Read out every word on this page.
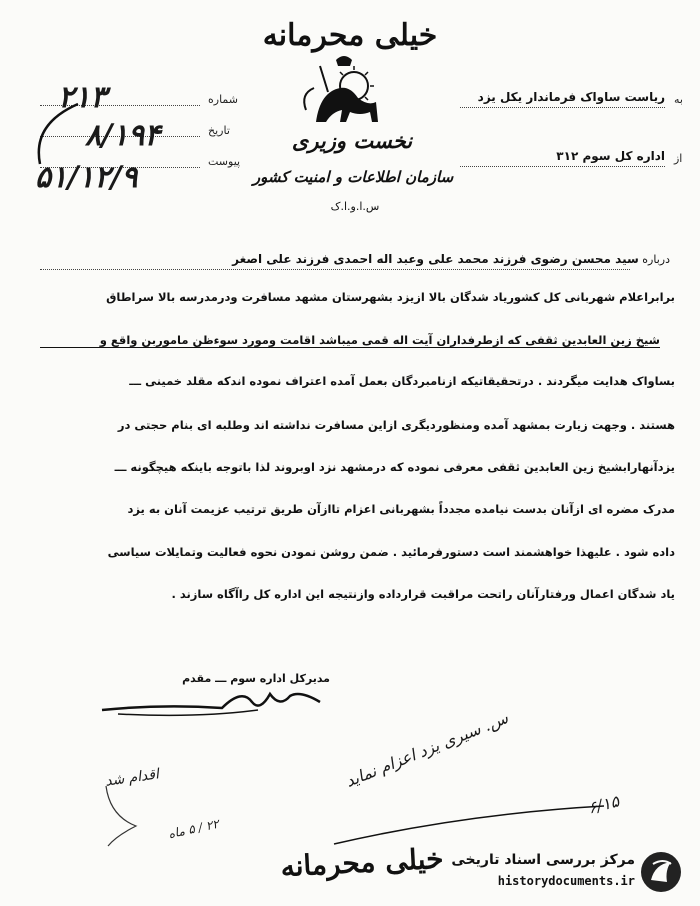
خیلی محرمانه
نخست وزیری
سازمان اطلاعات و امنیت کشور
س.ا.و.ا.ک
شماره
تاریخ
پیوست
۲۱۳
۸/۱۹۴
۵۱/۱۲/۹
به
ریاست ساواک فرماندار یکل یزد
از
اداره کل سوم ۳۱۲
درباره سید محسن رضوی فرزند محمد علی وعبد اله احمدی فرزند علی اصغر
برابراعلام شهربانی کل کشوریاد شدگان بالا ازیزد بشهرستان مشهد مسافرت ودرمدرسه بالا سراطاق
شیخ زین العابدین ثقفی که ازطرفداران آیت اله قمی میباشد اقامت ومورد سوءظن ماموربن واقع و
بساواک هدایت میگردند . درتحقیقاتیکه ازنامبردگان بعمل آمده اعتراف نموده اندکه مقلد خمینی ـــ
هستند . وجهت زیارت بمشهد آمده ومنظوردیگری ازاین مسافرت نداشته اند وطلبه ای بنام حجتی در
یزدآنهارابشیخ زین العابدین ثقفی معرفی نموده که درمشهد نزد اوبروند لذا باتوجه باینکه هیچگونه ـــ
مدرک مضره ای ازآنان بدست نیامده مجدداً بشهربانی اعزام تاازآن طریق ترتیب عزیمت آنان به یزد
داده شود . علیهذا خواهشمند است دستورفرمائید . ضمن روشن نمودن نحوه فعالیت وتمایلات سیاسی
یاد شدگان اعمال ورفتارآنان راتحت مراقبت قرارداده وازنتیجه این اداره کل راآگاه سازند .
مدیرکل اداره سوم ـــ مقدم
س. سیری یزد اعزام نماید
۶/۱۵
اقدام شد
۲۲ / ۵ ماه
خیلی محرمانه مرکز بررسی اسناد تاریخی
historydocuments.ir
